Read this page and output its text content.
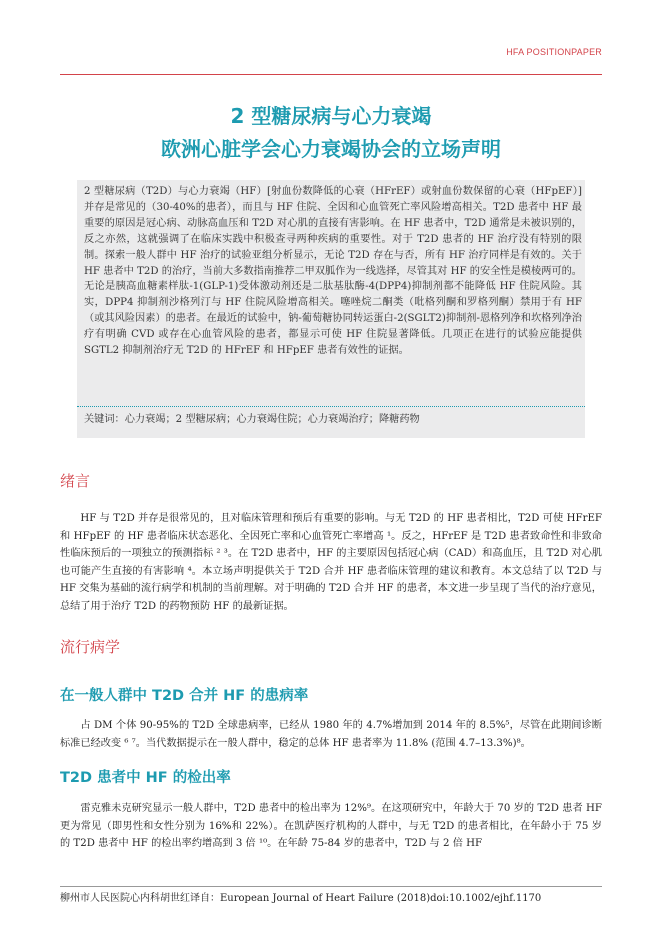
HFA POSITIONPAPER
2 型糖尿病与心力衰竭
欧洲心脏学会心力衰竭协会的立场声明
2 型糖尿病（T2D）与心力衰竭（HF）[射血份数降低的心衰（HFrEF）或射血份数保留的心衰（HFpEF）] 并存是常见的（30-40%的患者），而且与 HF 住院、全因和心血管死亡率风险增高相关。T2D 患者中 HF 最重要的原因是冠心病、动脉高血压和 T2D 对心肌的直接有害影响。在 HF 患者中，T2D 通常是未被识别的，反之亦然，这就强调了在临床实践中积极查寻两种疾病的重要性。对于 T2D 患者的 HF 治疗没有特别的限制。探索一般人群中 HF 治疗的试验亚组分析显示，无论 T2D 存在与否，所有 HF 治疗同样是有效的。关于 HF 患者中 T2D 的治疗，当前大多数指南推荐二甲双胍作为一线选择，尽管其对 HF 的安全性是模棱两可的。无论是胰高血糖素样肽-1(GLP-1)受体激动剂还是二肽基肽酶-4(DPP4)抑制剂都不能降低 HF 住院风险。其实，DPP4 抑制剂沙格列汀与 HF 住院风险增高相关。噻唑烷二酮类（吡格列酮和罗格列酮）禁用于有 HF（或其风险因素）的患者。在最近的试验中，钠-葡萄糖协同转运蛋白-2(SGLT2)抑制剂-恩格列净和坎格列净治疗有明确 CVD 或存在心血管风险的患者，都显示可使 HF 住院显著降低。几项正在进行的试验应能提供 SGTL2 抑制剂治疗无 T2D 的 HFrEF 和 HFpEF 患者有效性的证据。
关键词：心力衰竭；2 型糖尿病；心力衰竭住院；心力衰竭治疗；降糖药物
绪言
HF 与 T2D 并存是很常见的，且对临床管理和预后有重要的影响。与无 T2D 的 HF 患者相比，T2D 可使 HFrEF 和 HFpEF 的 HF 患者临床状态恶化、全因死亡率和心血管死亡率增高 ¹。反之，HFrEF 是 T2D 患者致命性和非致命性临床预后的一项独立的预测指标 ² ³。在 T2D 患者中，HF 的主要原因包括冠心病（CAD）和高血压，且 T2D 对心肌也可能产生直接的有害影响 ⁴。本立场声明提供关于 T2D 合并 HF 患者临床管理的建议和教育。本文总结了以 T2D 与 HF 交集为基础的流行病学和机制的当前理解。对于明确的 T2D 合并 HF 的患者，本文进一步呈现了当代的治疗意见，总结了用于治疗 T2D 的药物预防 HF 的最新证据。
流行病学
在一般人群中 T2D 合并 HF 的患病率
占 DM 个体 90-95%的 T2D 全球患病率，已经从 1980 年的 4.7%增加到 2014 年的 8.5%⁵，尽管在此期间诊断标准已经改变 ⁶ ⁷。当代数据提示在一般人群中，稳定的总体 HF 患者率为 11.8% (范围 4.7–13.3%)⁸。
T2D 患者中 HF 的检出率
雷克雅未克研究显示一般人群中，T2D 患者中的检出率为 12%⁹。在这项研究中，年龄大于 70 岁的 T2D 患者 HF 更为常见（即男性和女性分别为 16%和 22%）。在凯萨医疗机构的人群中，与无 T2D 的患者相比，在年龄小于 75 岁的 T2D 患者中 HF 的检出率约增高到 3 倍 ¹⁰。在年龄 75-84 岁的患者中，T2D 与 2 倍 HF
柳州市人民医院心内科胡世红译自：European Journal of Heart Failure (2018)doi:10.1002/ejhf.1170
